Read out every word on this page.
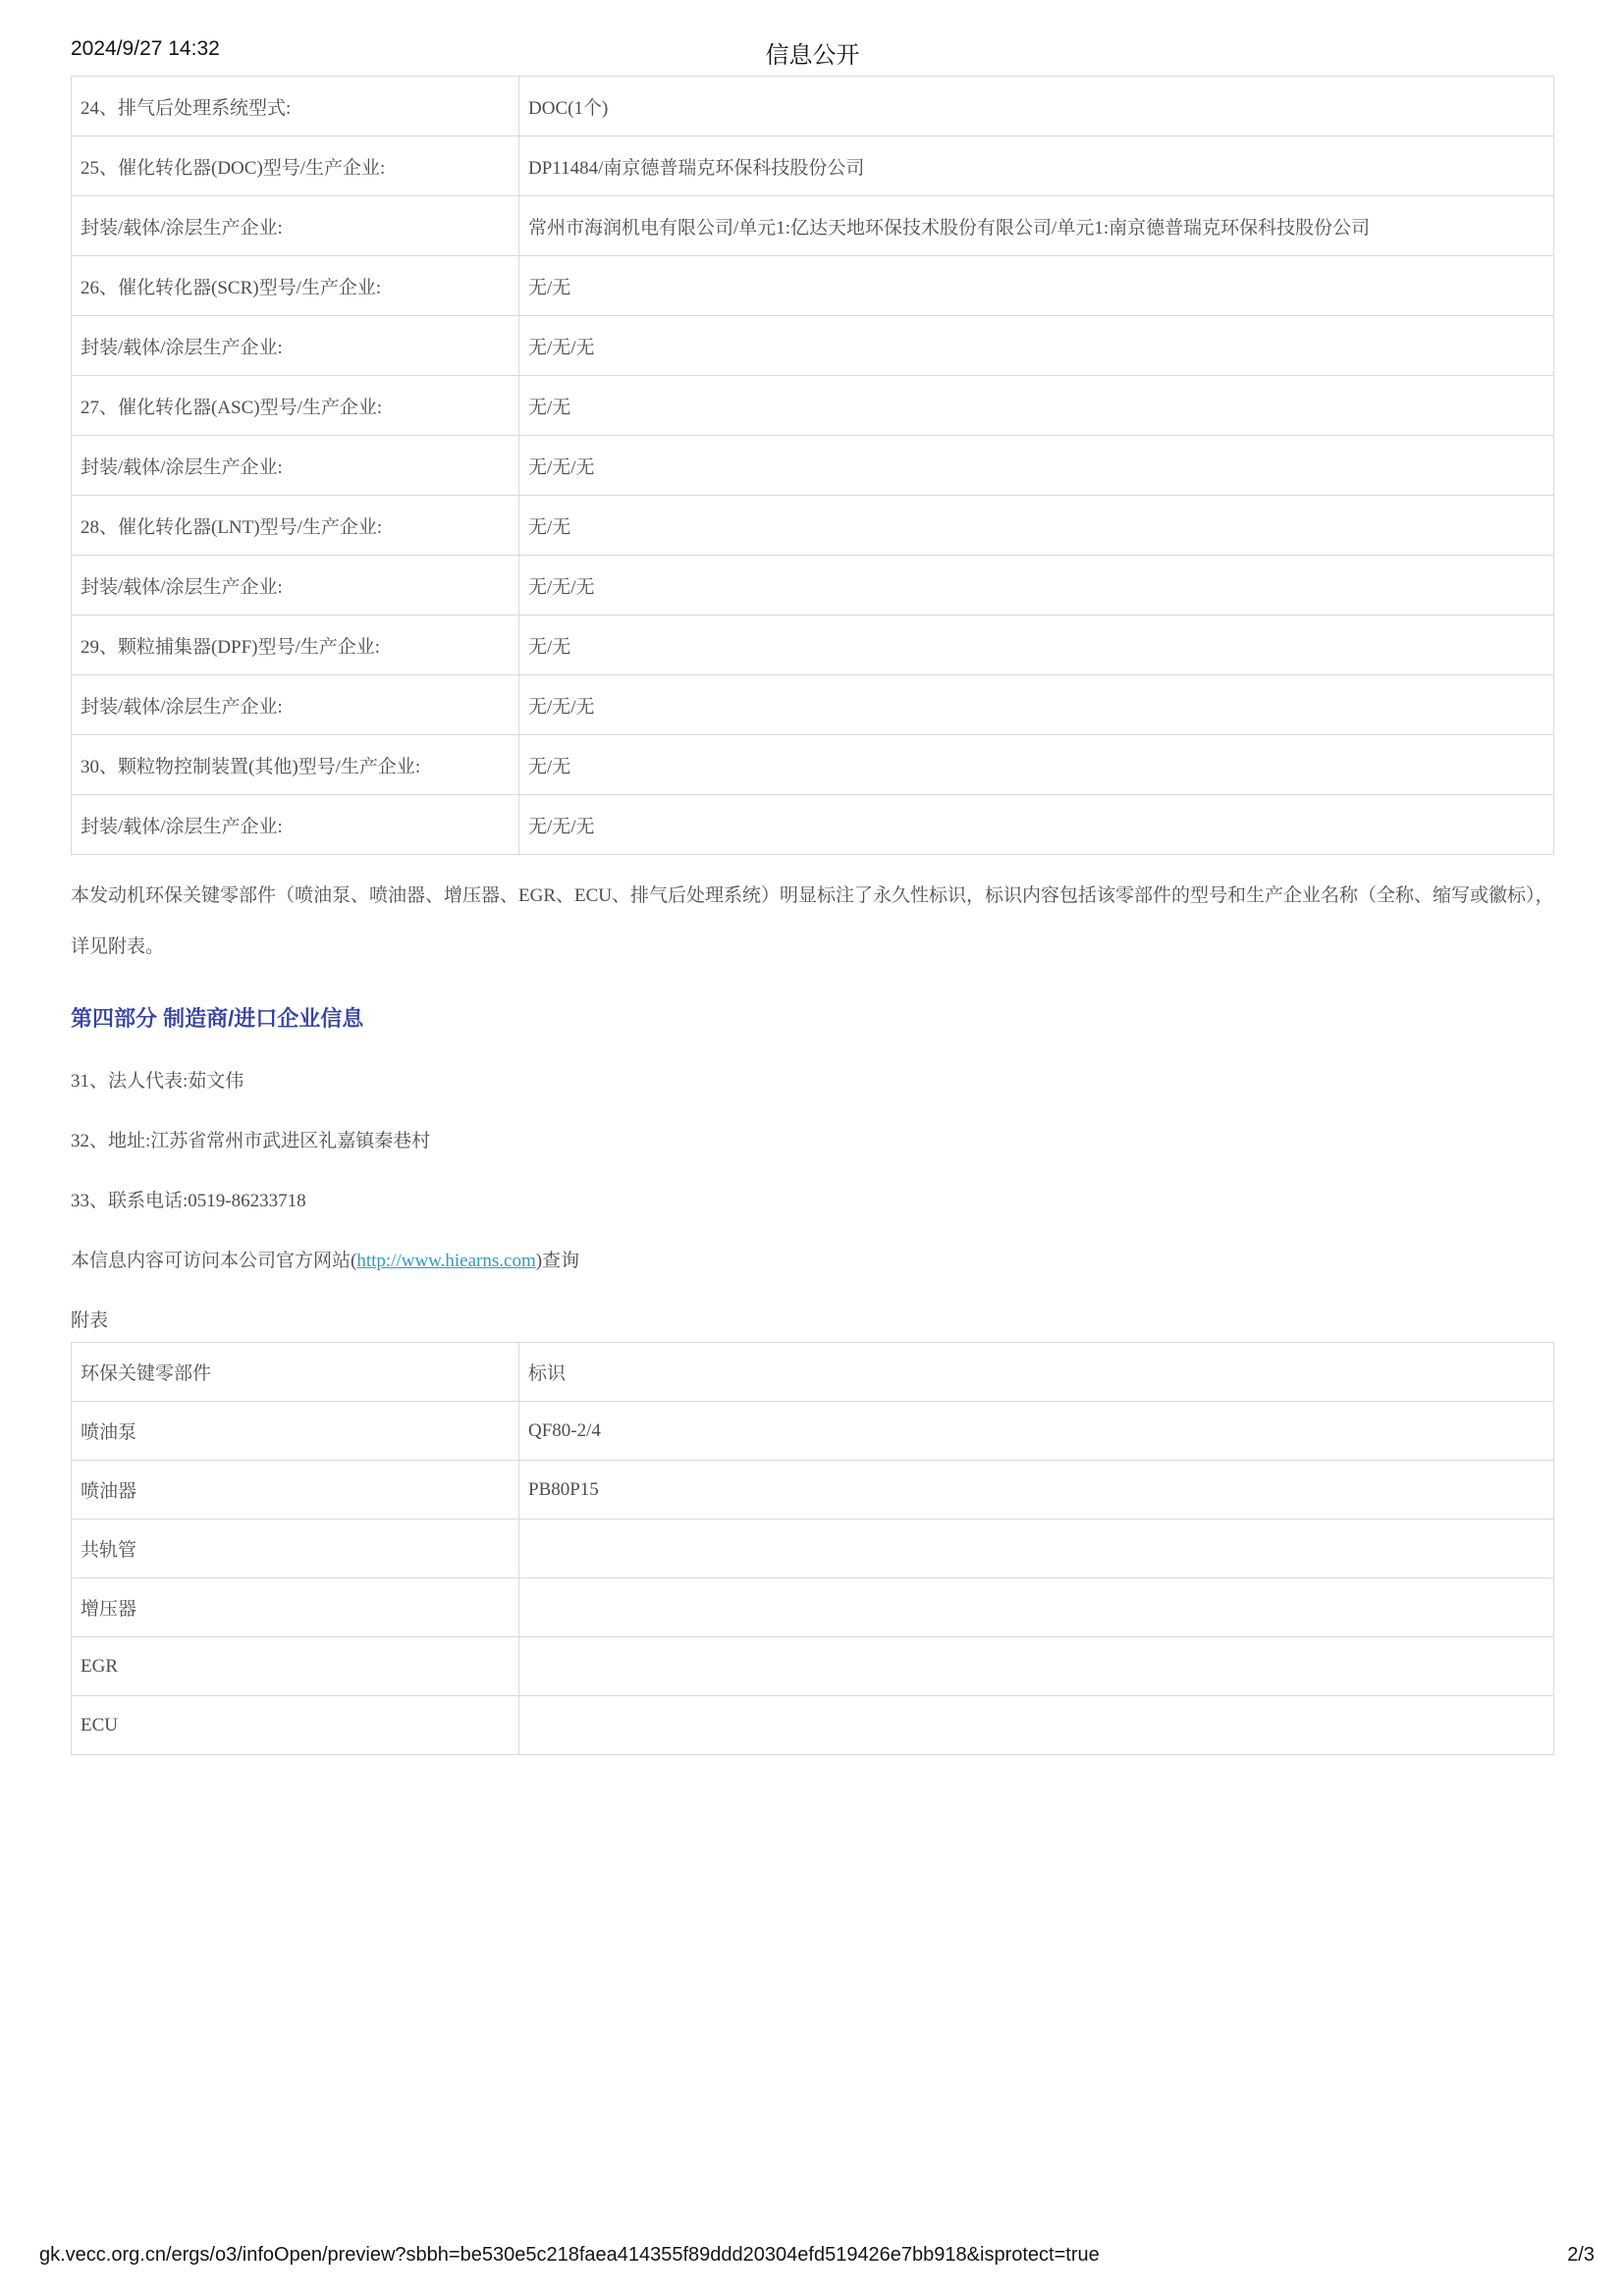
2024/9/27 14:32	信息公开
24、排气后处理系统型式:	DOC(1个)
25、催化转化器(DOC)型号/生产企业:	DP11484/南京德普瑞克环保科技股份公司
封装/载体/涂层生产企业:	常州市海润机电有限公司/单元1:亿达天地环保技术股份有限公司/单元1:南京德普瑞克环保科技股份公司
26、催化转化器(SCR)型号/生产企业:	无/无
封装/载体/涂层生产企业:	无/无/无
27、催化转化器(ASC)型号/生产企业:	无/无
封装/载体/涂层生产企业:	无/无/无
28、催化转化器(LNT)型号/生产企业:	无/无
封装/载体/涂层生产企业:	无/无/无
29、颗粒捕集器(DPF)型号/生产企业:	无/无
封装/载体/涂层生产企业:	无/无/无
30、颗粒物控制装置(其他)型号/生产企业:	无/无
封装/载体/涂层生产企业:	无/无/无

本发动机环保关键零部件（喷油泵、喷油器、增压器、EGR、ECU、排气后处理系统）明显标注了永久性标识，标识内容包括该零部件的型号和生产企业名称（全称、缩写或徽标），详见附表。

第四部分 制造商/进口企业信息

31、法人代表:茹文伟

32、地址:江苏省常州市武进区礼嘉镇秦巷村

33、联系电话:0519-86233718

本信息内容可访问本公司官方网站(http://www.hiearns.com)查询

附表

环保关键零部件	标识
喷油泵	QF80-2/4
喷油器	PB80P15
共轨管	
增压器	
EGR	
ECU	
gk.vecc.org.cn/ergs/o3/infoOpen/preview?sbbh=be530e5c218faea414355f89ddd20304efd519426e7bb918&isprotect=true	2/3
